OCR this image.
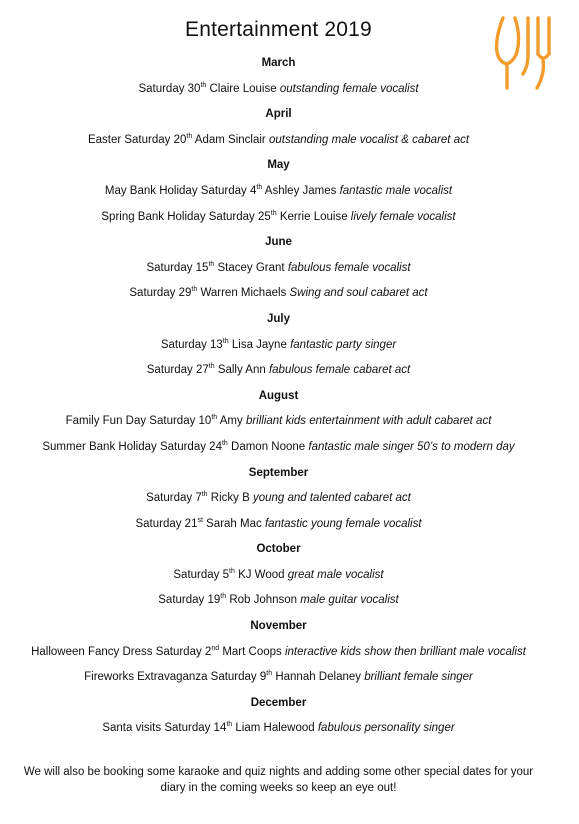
Entertainment 2019
March
Saturday 30th Claire Louise outstanding female vocalist
April
Easter Saturday 20th Adam Sinclair outstanding male vocalist & cabaret act
May
May Bank Holiday Saturday 4th Ashley James fantastic male vocalist
Spring Bank Holiday Saturday 25th Kerrie Louise lively female vocalist
June
Saturday 15th Stacey Grant fabulous female vocalist
Saturday 29th Warren Michaels Swing and soul cabaret act
July
Saturday 13th Lisa Jayne fantastic party singer
Saturday 27th Sally Ann fabulous female cabaret act
August
Family Fun Day Saturday 10th Amy brilliant kids entertainment with adult cabaret act
Summer Bank Holiday Saturday 24th Damon Noone fantastic male singer 50’s to modern day
September
Saturday 7th Ricky B young and talented cabaret act
Saturday 21st Sarah Mac fantastic young female vocalist
October
Saturday 5th KJ Wood great male vocalist
Saturday 19th Rob Johnson male guitar vocalist
November
Halloween Fancy Dress Saturday 2nd Mart Coops interactive kids show then brilliant male vocalist
Fireworks Extravaganza Saturday 9th Hannah Delaney brilliant female singer
December
Santa visits Saturday 14th Liam Halewood fabulous personality singer

We will also be booking some karaoke and quiz nights and adding some other special dates for your

diary in the coming weeks so keep an eye out!
